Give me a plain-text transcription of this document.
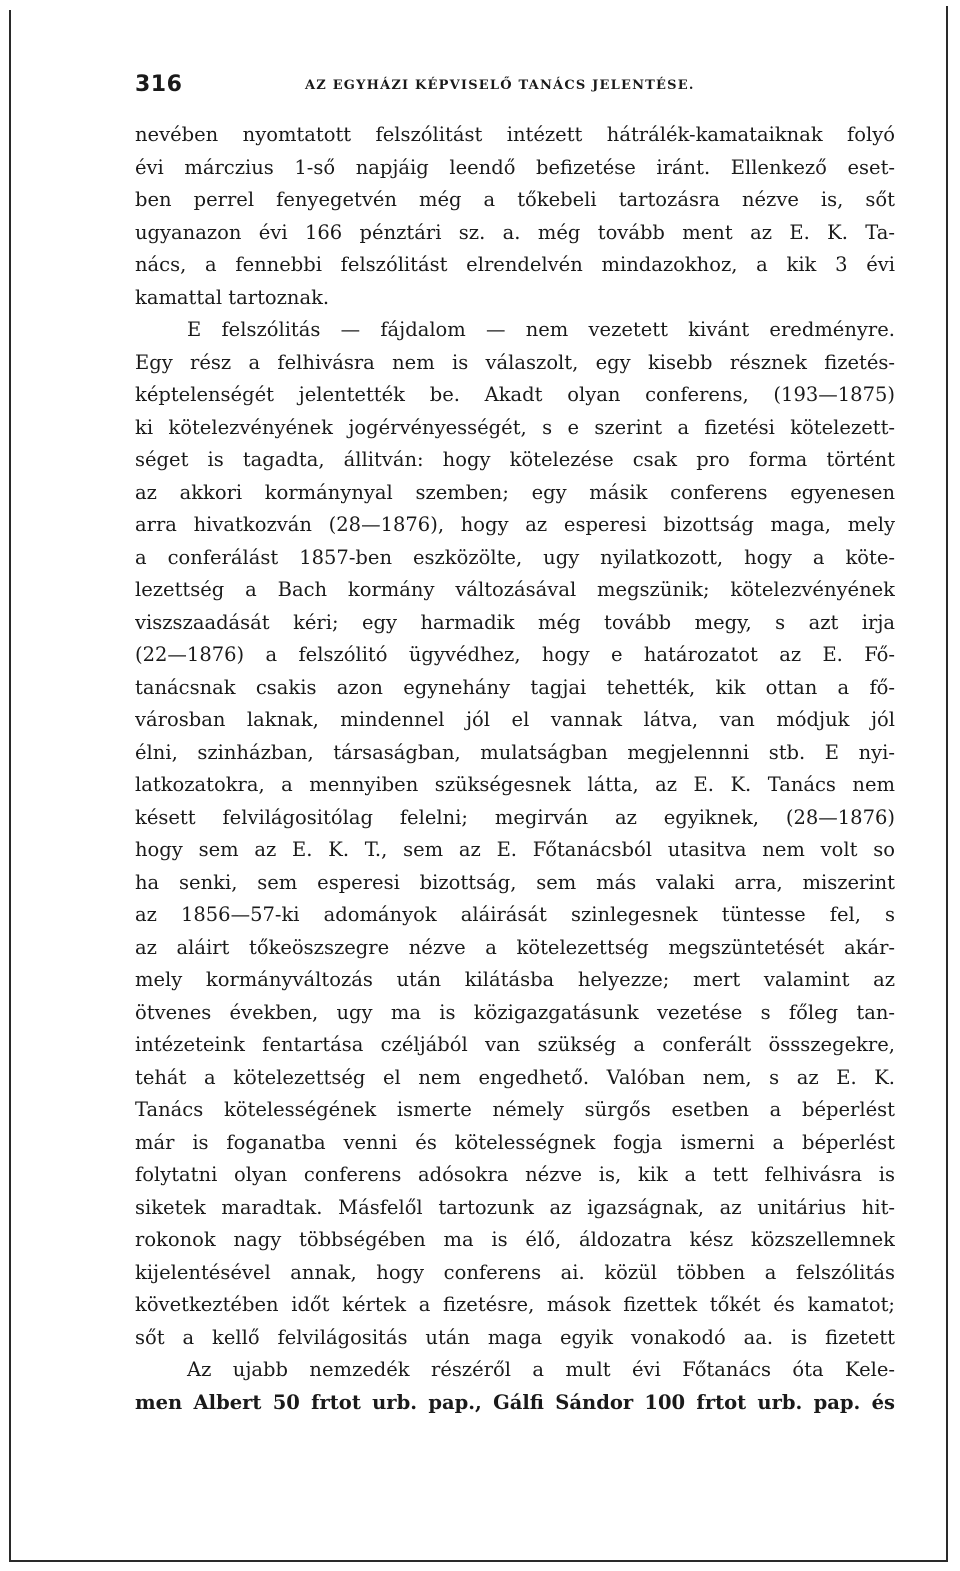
316	AZ EGYHÁZI KÉPVISELŐ TANÁCS JELENTÉSE.
nevében nyomtatott felszólitást intézett hátrálék-kamataiknak folyó
évi márczius 1-ső napjáig leendő befizetése iránt. Ellenkező eset-
ben perrel fenyegetvén még a tőkebeli tartozásra nézve is, sőt
ugyanazon évi 166 pénztári sz. a. még tovább ment az E. K. Ta-
nács, a fennebbi felszólitást elrendelvén mindazokhoz, a kik 3 évi
kamattal tartoznak.
E felszólitás — fájdalom — nem vezetett kivánt eredményre.
Egy rész a felhivásra nem is válaszolt, egy kisebb résznek fizetés-
képtelenségét jelentették be. Akadt olyan conferens, (193—1875)
ki kötelezvényének jogérvényességét, s e szerint a fizetési kötelezett-
séget is tagadta, állitván: hogy kötelezése csak pro forma történt
az akkori kormánynyal szemben; egy másik conferens egyenesen
arra hivatkozván (28—1876), hogy az esperesi bizottság maga, mely
a conferálást 1857-ben eszközölte, ugy nyilatkozott, hogy a köte-
lezettség a Bach kormány változásával megszünik; kötelezvényének
viszszaadását kéri; egy harmadik még tovább megy, s azt irja
(22—1876) a felszólitó ügyvédhez, hogy e határozatot az E. Fő-
tanácsnak csakis azon egynehány tagjai tehették, kik ottan a fő-
városban laknak, mindennel jól el vannak látva, van módjuk jól
élni, szinházban, társaságban, mulatságban megjelennni stb. E nyi-
latkozatokra, a mennyiben szükségesnek látta, az E. K. Tanács nem
késett felvilágositólag felelni; megirván az egyiknek, (28—1876)
hogy sem az E. K. T., sem az E. Főtanácsból utasitva nem volt so
ha senki, sem esperesi bizottság, sem más valaki arra, miszerint
az 1856—57-ki adományok aláirását szinlegesnek tüntesse fel, s
az aláirt tőkeöszszegre nézve a kötelezettség megszüntetését akár-
mely kormányváltozás után kilátásba helyezze; mert valamint az
ötvenes években, ugy ma is közigazgatásunk vezetése s főleg tan-
intézeteink fentartása czéljából van szükség a conferált össszegekre,
tehát a kötelezettség el nem engedhető. Valóban nem, s az E. K.
Tanács kötelességének ismerte némely sürgős esetben a béperlést
már is foganatba venni és kötelességnek fogja ismerni a béperlést
folytatni olyan conferens adósokra nézve is, kik a tett felhivásra is
siketek maradtak. Másfelől tartozunk az igazságnak, az unitárius hit-
rokonok nagy többségében ma is élő, áldozatra kész közszellemnek
kijelentésével annak, hogy conferens ai. közül többen a felszólitás
következtében időt kértek a fizetésre, mások fizettek tőkét és kamatot;
sőt a kellő felvilágositás után maga egyik vonakodó aa. is fizetett
Az ujabb nemzedék részéről a mult évi Főtanács óta Kele-
men Albert 50 frtot urb. pap., Gálfi Sándor 100 frtot urb. pap. és
